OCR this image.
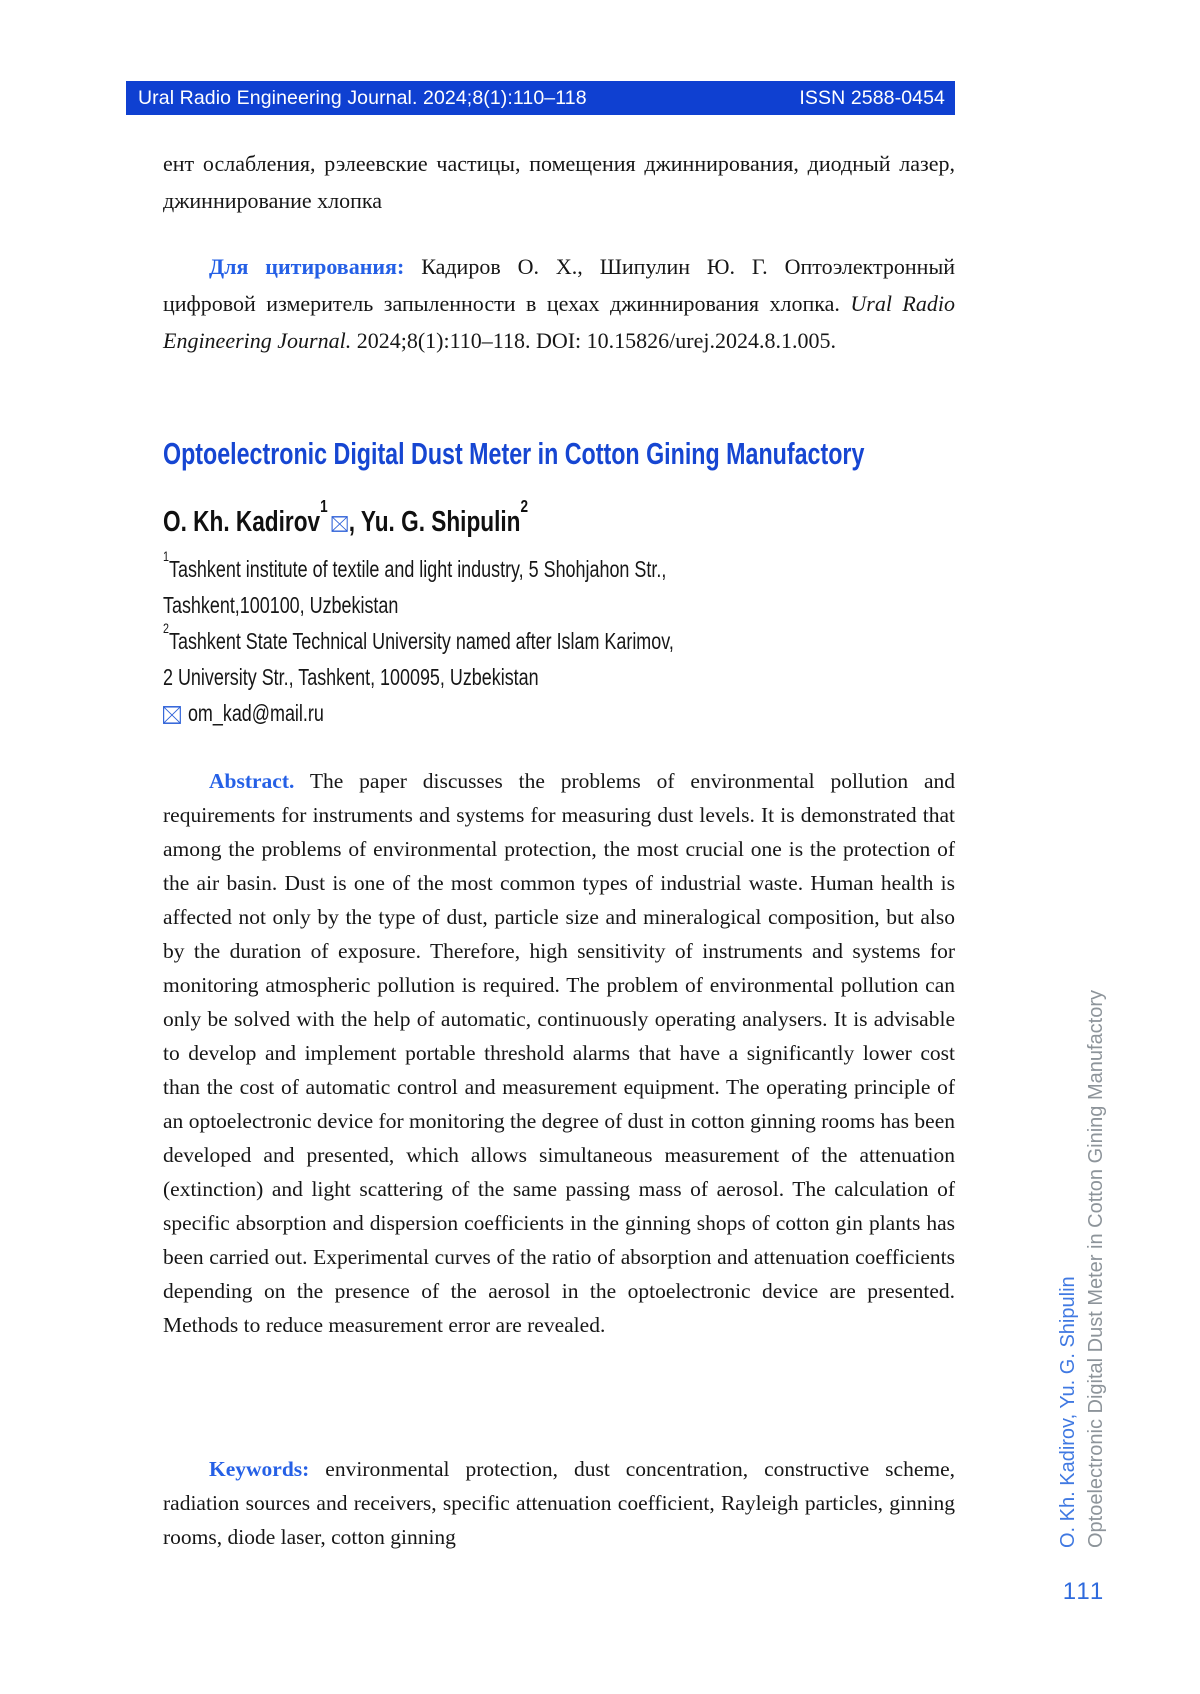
Ural Radio Engineering Journal. 2024;8(1):110–118	ISSN 2588-0454

ент ослабления, рэлеевские частицы, помещения джиннирования, диодный лазер, джиннирование хлопка

Для цитирования: Кадиров О. Х., Шипулин Ю. Г. Оптоэлектронный цифровой измеритель запыленности в цехах джиннирования хлопка. Ural Radio Engineering Journal. 2024;8(1):110–118. DOI: 10.15826/urej.2024.8.1.005.

Optoelectronic Digital Dust Meter in Cotton Gining Manufactory
O. Kh. Kadirov$^1$, Yu. G. Shipulin$^2$
$^1$Tashkent institute of textile and light industry, 5 Shohjahon Str.,
Tashkent,100100, Uzbekistan
$^2$Tashkent State Technical University named after Islam Karimov,
2 University Str., Tashkent, 100095, Uzbekistan
om_kad@mail.ru

Abstract. The paper discusses the problems of environmental pollution and requirements for instruments and systems for measuring dust levels. It is demonstrated that among the problems of environmental protection, the most crucial one is the protection of the air basin. Dust is one of the most common types of industrial waste. Human health is affected not only by the type of dust, particle size and mineralogical composition, but also by the duration of exposure. Therefore, high sensitivity of instruments and systems for monitoring atmospheric pollution is required. The problem of environmental pollution can only be solved with the help of automatic, continuously operating analysers. It is advisable to develop and implement portable threshold alarms that have a significantly lower cost than the cost of automatic control and measurement equipment. The operating principle of an optoelectronic device for monitoring the degree of dust in cotton ginning rooms has been developed and presented, which allows simultaneous measurement of the attenuation (extinction) and light scattering of the same passing mass of aerosol. The calculation of specific absorption and dispersion coefficients in the ginning shops of cotton gin plants has been carried out. Experimental curves of the ratio of absorption and attenuation coefficients depending on the presence of the aerosol in the optoelectronic device are presented. Methods to reduce measurement error are revealed.

Keywords: environmental protection, dust concentration, constructive scheme, radiation sources and receivers, specific attenuation coefficient, Rayleigh particles, ginning rooms, diode laser, cotton ginning	O. Kh. Kadirov, Yu. G. Shipulin Optoelectronic Digital Dust Meter in Cotton Gining Manufactory
111
